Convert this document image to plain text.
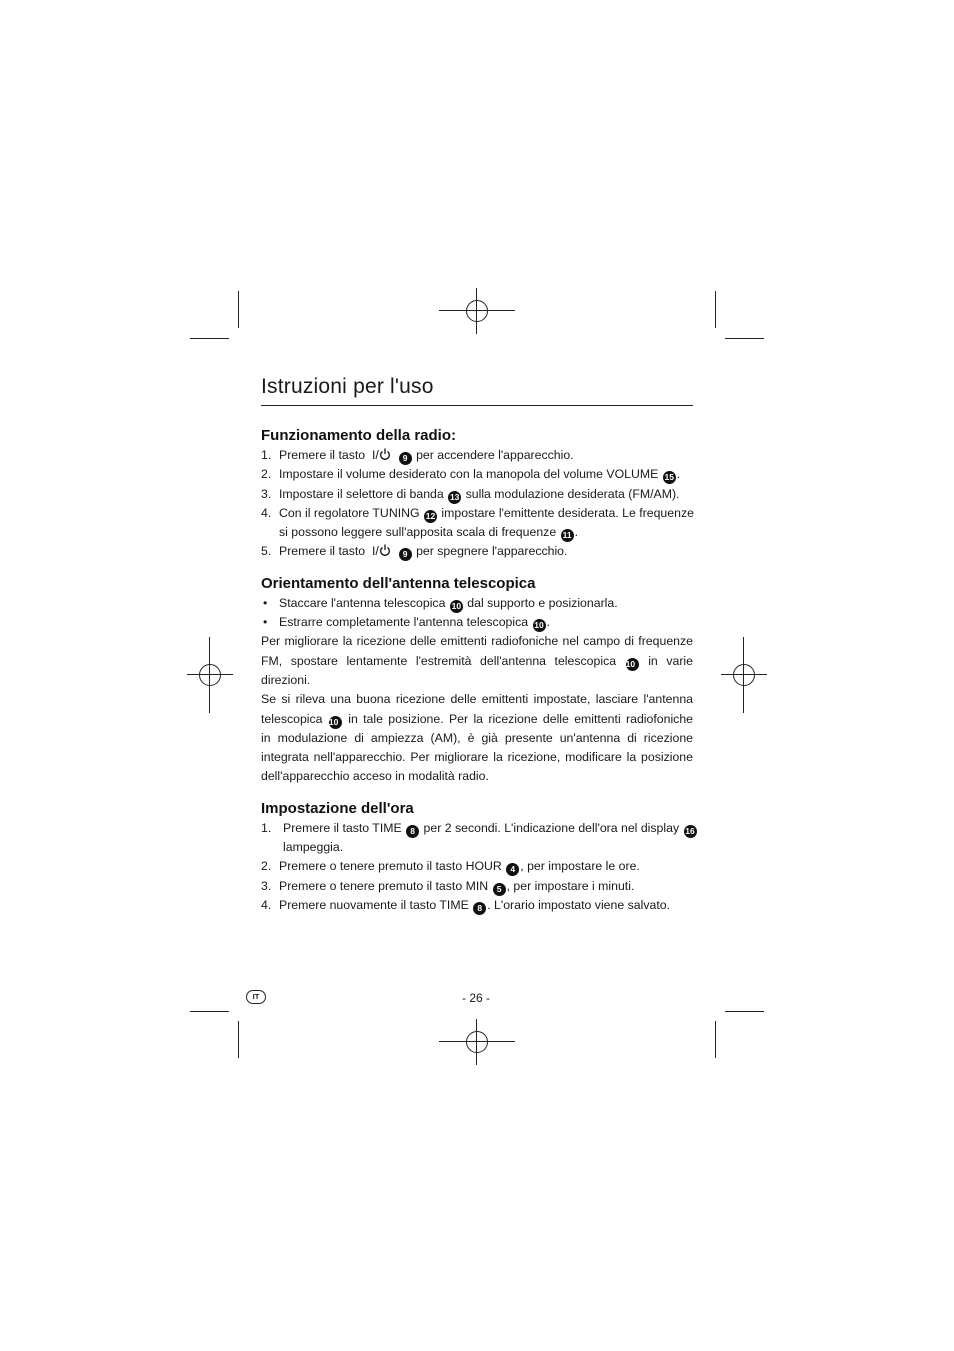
Istruzioni per l'uso
Funzionamento della radio:
1. Premere il tasto I/	9 per accendere l'apparecchio.
2. Impostare il volume desiderato con la manopola del volume VOLUME 15 .
3. Impostare il selettore di banda 13 sulla modulazione desiderata (FM/AM).
4. Con il regolatore TUNING 12 impostare l'emittente desiderata. Le frequenze
si possono leggere sull'apposita scala di frequenze 11 .
5. Premere il tasto I/	9 per spegnere l'apparecchio.
Orientamento dell'antenna telescopica
• Staccare l'antenna telescopica 10 dal supporto e posizionarla.
• Estrarre completamente l'antenna telescopica 10 .
Per migliorare la ricezione delle emittenti radiofoniche nel campo di frequenze
FM, spostare lentamente l'estremità dell'antenna telescopica 10 in varie direzioni.
Se si rileva una buona ricezione delle emittenti impostate, lasciare l'antenna
telescopica 10 in tale posizione. Per la ricezione delle emittenti radiofoniche
in modulazione di ampiezza (AM), è già presente un'antenna di ricezione
integrata nell'apparecchio. Per migliorare la ricezione, modificare la posizione
dell'apparecchio acceso in modalità radio.
Impostazione dell'ora
1. Premere il tasto TIME 8 per 2 secondi. L'indicazione dell'ora nel display 16
lampeggia.
2. Premere o tenere premuto il tasto HOUR 4 , per impostare le ore.
3. Premere o tenere premuto il tasto MIN 5 , per impostare i minuti.
4. Premere nuovamente il tasto TIME 8 . L'orario impostato viene salvato.
IT	- 26 -
